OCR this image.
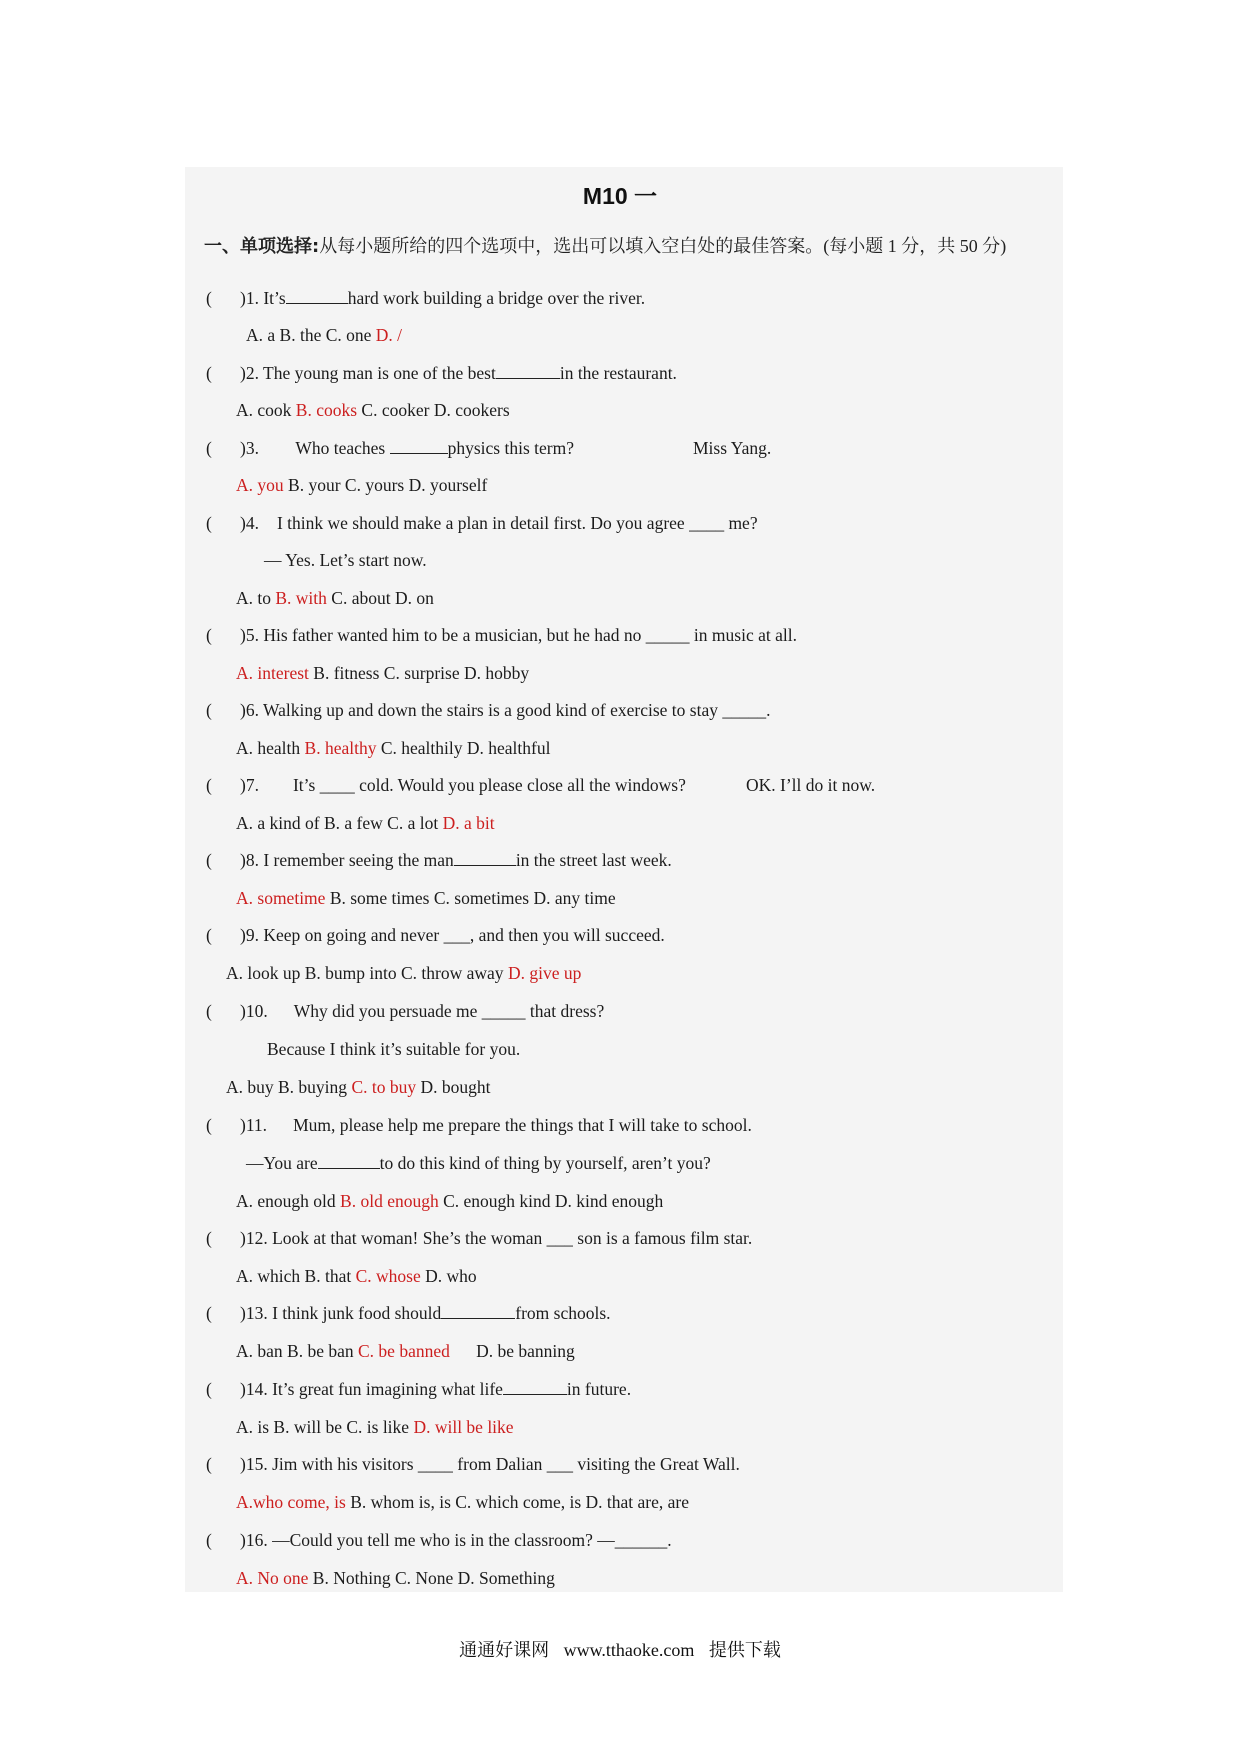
M10 一
一、单项选择:从每小题所给的四个选项中，选出可以填入空白处的最佳答案。(每小题 1 分，共 50 分)
( )1. It’s	hard work building a bridge over the river.
A. a B. the C. one D. /
( )2. The young man is one of the best	in the restaurant.
A. cook B. cooks C. cooker D. cookers
( )3. Who teaches	physics this term?	Miss Yang.
A. you B. your C. yours D. yourself
( )4. I think we should make a plan in detail first. Do you agree ____ me?
— Yes. Let’s start now.
A. to B. with C. about D. on
( )5. His father wanted him to be a musician, but he had no _____ in music at all.
A. interest B. fitness C. surprise D. hobby
( )6. Walking up and down the stairs is a good kind of exercise to stay _____.
A. health B. healthy C. healthily D. healthful
( )7. It’s ____ cold. Would you please close all the windows?	OK. I’ll do it now.
A. a kind of B. a few C. a lot D. a bit
( )8. I remember seeing the man	in the street last week.
A. sometime B. some times C. sometimes D. any time
( )9. Keep on going and never ___, and then you will succeed.
A. look up B. bump into C. throw away D. give up
( )10. Why did you persuade me _____ that dress?
Because I think it’s suitable for you.
A. buy B. buying C. to buy D. bought
( )11. Mum, please help me prepare the things that I will take to school.
—You are	to do this kind of thing by yourself, aren’t you?
A. enough old B. old enough C. enough kind D. kind enough
( )12. Look at that woman! She’s the woman ___ son is a famous film star.
A. which B. that C. whose D. who
( )13. I think junk food should	from schools.
A. ban B. be ban C. be banned      D. be banning
( )14. It’s great fun imagining what life	in future.
A. is B. will be C. is like D. will be like
( )15. Jim with his visitors ____ from Dalian ___ visiting the Great Wall.
A.who come, is B. whom is, is C. which come, is D. that are, are
( )16. —Could you tell me who is in the classroom? —______.
A. No one B. Nothing C. None D. Something
通通好课网 www.tthaoke.com 提供下载
